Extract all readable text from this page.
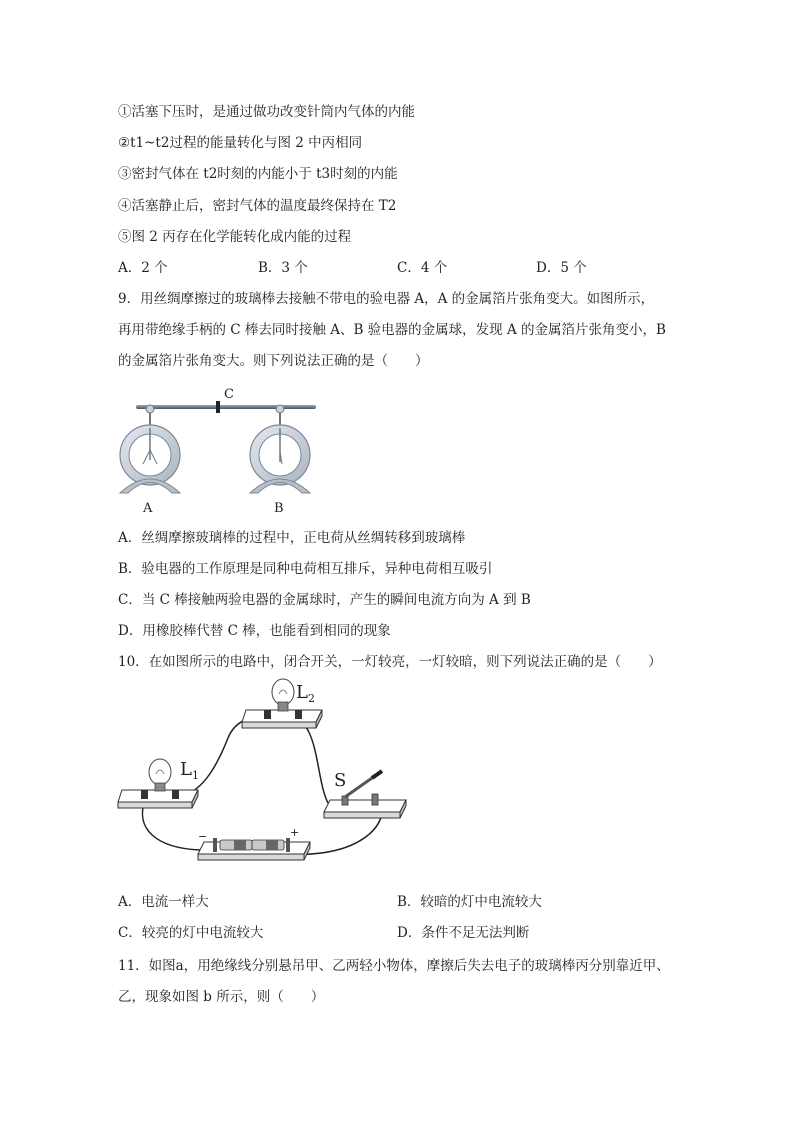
①活塞下压时，是通过做功改变针筒内气体的内能
②t1~t2过程的能量转化与图 2 中丙相同
③密封气体在 t2时刻的内能小于 t3时刻的内能
④活塞静止后，密封气体的温度最终保持在 T2
⑤图 2 丙存在化学能转化成内能的过程
A．2 个	B．3 个	C．4 个	D．5 个
9．用丝绸摩擦过的玻璃棒去接触不带电的验电器 A，A 的金属箔片张角变大。如图所示，
再用带绝缘手柄的 C 棒去同时接触 A、B 验电器的金属球，发现 A 的金属箔片张角变小，B
的金属箔片张角变大。则下列说法正确的是（　　）
C
A	B
A．丝绸摩擦玻璃棒的过程中，正电荷从丝绸转移到玻璃棒
B．验电器的工作原理是同种电荷相互排斥，异种电荷相互吸引
C．当 C 棒接触两验电器的金属球时，产生的瞬间电流方向为 A 到 B
D．用橡胶棒代替 C 棒，也能看到相同的现象
10．在如图所示的电路中，闭合开关，一灯较亮，一灯较暗，则下列说法正确的是（　　）
$L_1$
$L_2$
S
−	+
A．电流一样大	B．较暗的灯中电流较大
C．较亮的灯中电流较大	D．条件不足无法判断
11．如图a，用绝缘线分别悬吊甲、乙两轻小物体，摩擦后失去电子的玻璃棒丙分别靠近甲、
乙，现象如图 b 所示，则（　　）
